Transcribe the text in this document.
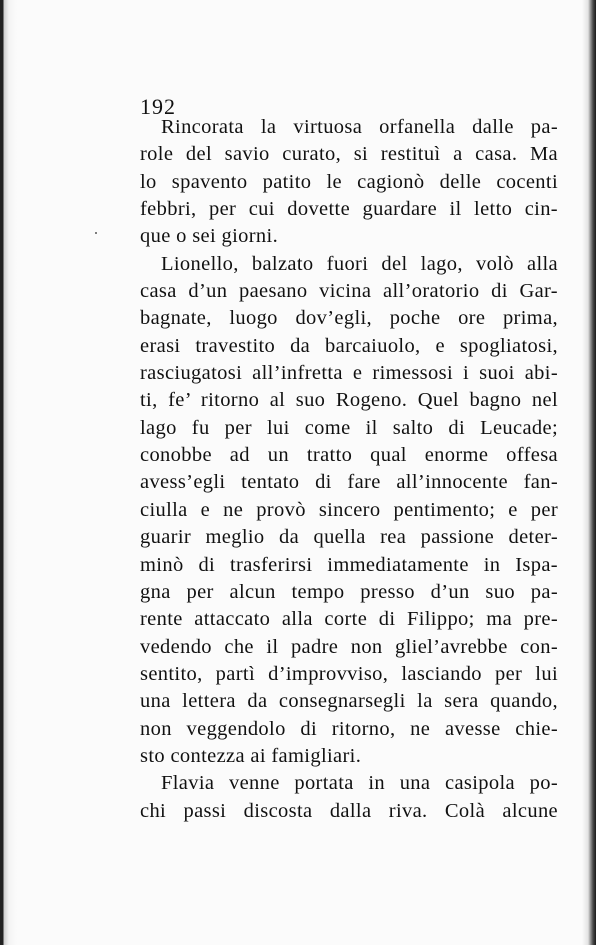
192
Rincorata la virtuosa orfanella dalle pa-
role del savio curato, si restituì a casa. Ma
lo spavento patito le cagionò delle cocenti
febbri, per cui dovette guardare il letto cin-
que o sei giorni.
Lionello, balzato fuori del lago, volò alla
casa d’un paesano vicina all’oratorio di Gar-
bagnate, luogo dov’egli, poche ore prima,
erasi travestito da barcaiuolo, e spogliatosi,
rasciugatosi all’infretta e rimessosi i suoi abi-
ti, fe’ ritorno al suo Rogeno. Quel bagno nel
lago fu per lui come il salto di Leucade;
conobbe ad un tratto qual enorme offesa
avess’egli tentato di fare all’innocente fan-
ciulla e ne provò sincero pentimento; e per
guarir meglio da quella rea passione deter-
minò di trasferirsi immediatamente in Ispa-
gna per alcun tempo presso d’un suo pa-
rente attaccato alla corte di Filippo; ma pre-
vedendo che il padre non gliel’avrebbe con-
sentito, partì d’improvviso, lasciando per lui
una lettera da consegnarsegli la sera quando,
non veggendolo di ritorno, ne avesse chie-
sto contezza ai famigliari.
Flavia venne portata in una casipola po-
chi passi discosta dalla riva. Colà alcune
